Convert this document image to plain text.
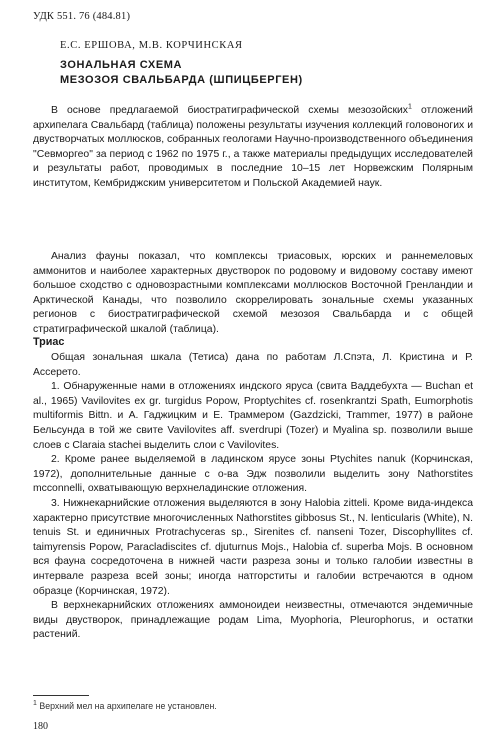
УДК 551. 76 (484.81)
Е.С. ЕРШОВА, М.В. КОРЧИНСКАЯ
ЗОНАЛЬНАЯ СХЕМА
МЕЗОЗОЯ СВАЛЬБАРДА (ШПИЦБЕРГЕН)

В основе предлагаемой биостратиграфической схемы мезозойских$^1$ отложений архипелага Свальбард (таблица) положены результаты изучения коллекций головоногих и двустворчатых моллюсков, собранных геологами Научно-производственного объединения "Севморгео" за период с 1962 по 1975 г., а также материалы предыдущих исследователей и результаты работ, проводимых в последние 10–15 лет Норвежским Полярным институтом, Кембриджским университетом и Польской Академией наук.

Анализ фауны показал, что комплексы триасовых, юрских и раннемеловых аммонитов и наиболее характерных двустворок по родовому и видовому составу имеют большое сходство с одновозрастными комплексами моллюсков Восточной Гренландии и Арктической Канады, что позволило скоррелировать зональные схемы указанных регионов с биостратиграфической схемой мезозоя Свальбарда и с общей стратиграфической шкалой (таблица).

Триас

Общая зональная шкала (Тетиса) дана по работам Л.Спэта, Л. Кристина и Р. Ассерето.

1. Обнаруженные нами в отложениях индского яруса (свита Ваддебухта — Buchan et al., 1965) Vavilovites ex gr. turgidus Popow, Proptychites cf. rosenkrantzi Spath, Eumorphotis multiformis Bittn. и А. Гаджицким и Е. Траммером (Gazdzicki, Trammer, 1977) в районе Бельсунда в той же свите Vavilovites aff. sverdrupi (Tozer) и Myalina sp. позволили выше слоев с Claraia stachei выделить слои с Vavilovites.

2. Кроме ранее выделяемой в ладинском ярусе зоны Ptychites nanuk (Корчинская, 1972), дополнительные данные с о-ва Эдж позволили выделить зону Nathorstites mcconnelli, охватывающую верхнеладинские отложения.

3. Нижнекарнийские отложения выделяются в зону Halobia zitteli. Кроме вида-индекса характерно присутствие многочисленных Nathorstites gibbosus St., N. lenticularis (White), N. tenuis St. и единичных Protrachyceras sp., Sirenites cf. nanseni Tozer, Discophyllites cf. taimyrensis Popow, Paracladiscites cf. djuturnus Mojs., Halobia cf. superba Mojs. В основном вся фауна сосредоточена в нижней части разреза зоны и только галобии известны в интервале разреза всей зоны; иногда натгорститы и галобии встречаются в одном образце (Корчинская, 1972).

В верхнекарнийских отложениях аммоноидеи неизвестны, отмечаются эндемичные виды двустворок, принадлежащие родам Lima, Myophoria, Pleurophorus, и остатки растений.

$^1$ Верхний мел на архипелаге не установлен.
180
